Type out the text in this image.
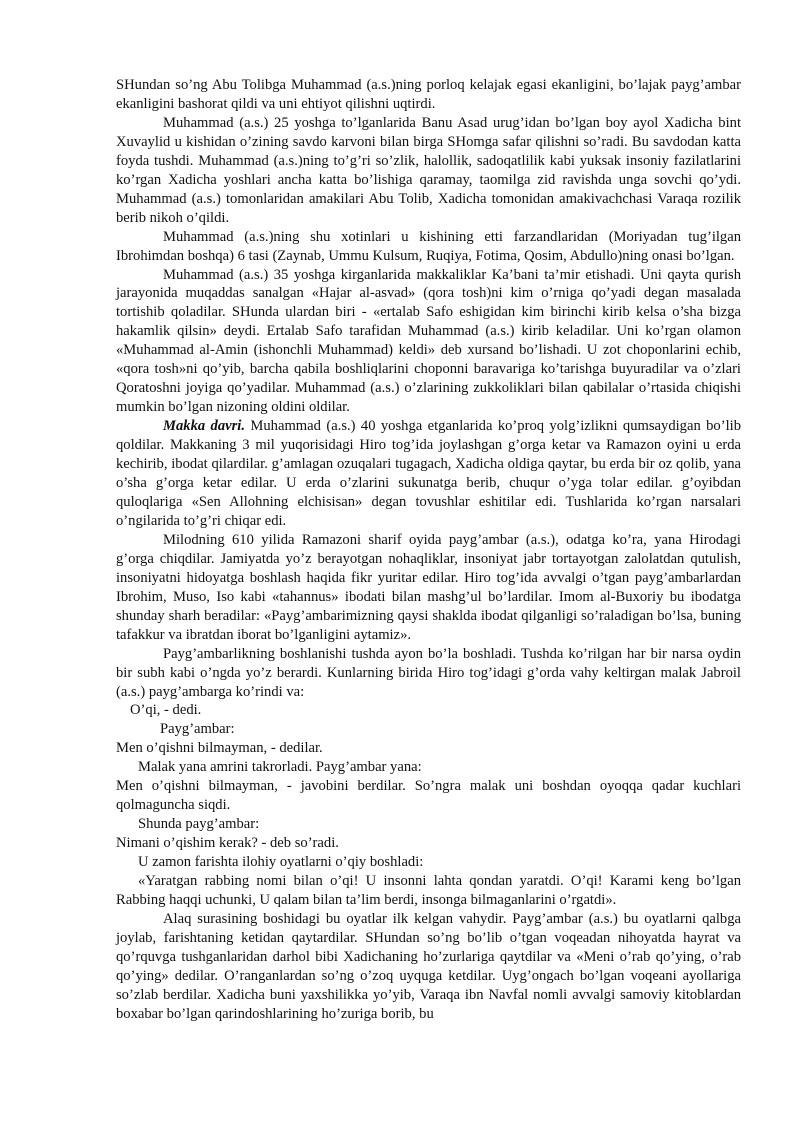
SHundan so’ng Abu Tolibga Muhammad (a.s.)ning porloq kelajak egasi ekanligini, bo’lajak payg’ambar ekanligini bashorat qildi va uni ehtiyot qilishni uqtirdi.

Muhammad (a.s.) 25 yoshga to’lganlarida Banu Asad urug’idan bo’lgan boy ayol Xadicha bint Xuvaylid u kishidan o’zining savdo karvoni bilan birga SHomga safar qilishni so’radi. Bu savdodan katta foyda tushdi. Muhammad (a.s.)ning to’g’ri so’zlik, halollik, sadoqatlilik kabi yuksak insoniy fazilatlarini ko’rgan Xadicha yoshlari ancha katta bo’lishiga qaramay, taomilga zid ravishda unga sovchi qo’ydi. Muhammad (a.s.) tomonlaridan amakilari Abu Tolib, Xadicha tomonidan amakivachchasi Varaqa rozilik berib nikoh o’qildi.

Muhammad (a.s.)ning shu xotinlari u kishining etti farzandlaridan (Moriyadan tug’ilgan Ibrohimdan boshqa) 6 tasi (Zaynab, Ummu Kulsum, Ruqiya, Fotima, Qosim, Abdullo)ning onasi bo’lgan.

Muhammad (a.s.) 35 yoshga kirganlarida makkaliklar Ka’bani ta’mir etishadi. Uni qayta qurish jarayonida muqaddas sanalgan «Hajar al-asvad» (qora tosh)ni kim o’rniga qo’yadi degan masalada tortishib qoladilar. SHunda ulardan biri - «ertalab Safo eshigidan kim birinchi kirib kelsa o’sha bizga hakamlik qilsin» deydi. Ertalab Safo tarafidan Muhammad (a.s.) kirib keladilar. Uni ko’rgan olamon «Muhammad al-Amin (ishonchli Muhammad) keldi» deb xursand bo’lishadi. U zot choponlarini echib, «qora tosh»ni qo’yib, barcha qabila boshliqlarini choponni baravariga ko’tarishga buyuradilar va o’zlari Qoratoshni joyiga qo’yadilar. Muhammad (a.s.) o’zlarining zukkoliklari bilan qabilalar o’rtasida chiqishi mumkin bo’lgan nizoning oldini oldilar.

Makka davri. Muhammad (a.s.) 40 yoshga etganlarida ko’proq yolg’izlikni qumsaydigan bo’lib qoldilar. Makkaning 3 mil yuqorisidagi Hiro tog’ida joylashgan g’orga ketar va Ramazon oyini u erda kechirib, ibodat qilardilar. g’amlagan ozuqalari tugagach, Xadicha oldiga qaytar, bu erda bir oz qolib, yana o’sha g’orga ketar edilar. U erda o’zlarini sukunatga berib, chuqur o’yga tolar edilar. g’oyibdan quloqlariga «Sen Allohning elchisisan» degan tovushlar eshitilar edi. Tushlarida ko’rgan narsalari o’ngilarida to’g’ri chiqar edi.

Milodning 610 yilida Ramazoni sharif oyida payg’ambar (a.s.), odatga ko’ra, yana Hirodagi g’orga chiqdilar. Jamiyatda yo’z berayotgan nohaqliklar, insoniyat jabr tortayotgan zalolatdan qutulish, insoniyatni hidoyatga boshlash haqida fikr yuritar edilar. Hiro tog’ida avvalgi o’tgan payg’ambarlardan Ibrohim, Muso, Iso kabi «tahannus» ibodati bilan mashg’ul bo’lardilar. Imom al-Buxoriy bu ibodatga shunday sharh beradilar: «Payg’ambarimizning qaysi shaklda ibodat qilganligi so’raladigan bo’lsa, buning tafakkur va ibratdan iborat bo’lganligini aytamiz».

Payg’ambarlikning boshlanishi tushda ayon bo’la boshladi. Tushda ko’rilgan har bir narsa oydin bir subh kabi o’ngda yo’z berardi. Kunlarning birida Hiro tog’idagi g’orda vahy keltirgan malak Jabroil (a.s.) payg’ambarga ko’rindi va:

O’qi, - dedi.

Payg’ambar:

Men o’qishni bilmayman, - dedilar.

Malak yana amrini takrorladi. Payg’ambar yana:

Men o’qishni bilmayman, - javobini berdilar. So’ngra malak uni boshdan oyoqqa qadar kuchlari qolmaguncha siqdi.

Shunda payg’ambar:

Nimani o’qishim kerak? - deb so’radi.

U zamon farishta ilohiy oyatlarni o’qiy boshladi:

«Yaratgan rabbing nomi bilan o’qi! U insonni lahta qondan yaratdi. O’qi! Karami keng bo’lgan Rabbing haqqi uchunki, U qalam bilan ta’lim berdi, insonga bilmaganlarini o’rgatdi».

Alaq surasining boshidagi bu oyatlar ilk kelgan vahydir. Payg’ambar (a.s.) bu oyatlarni qalbga joylab, farishtaning ketidan qaytardilar. SHundan so’ng bo’lib o’tgan voqeadan nihoyatda hayrat va qo’rquvga tushganlaridan darhol bibi Xadichaning ho’zurlariga qaytdilar va «Meni o’rab qo’ying, o’rab qo’ying» dedilar. O’ranganlardan so’ng o’zoq uyquga ketdilar. Uyg’ongach bo’lgan voqeani ayollariga so’zlab berdilar. Xadicha buni yaxshilikka yo’yib, Varaqa ibn Navfal nomli avvalgi samoviy kitoblardan boxabar bo’lgan qarindoshlarining ho’zuriga borib, bu
